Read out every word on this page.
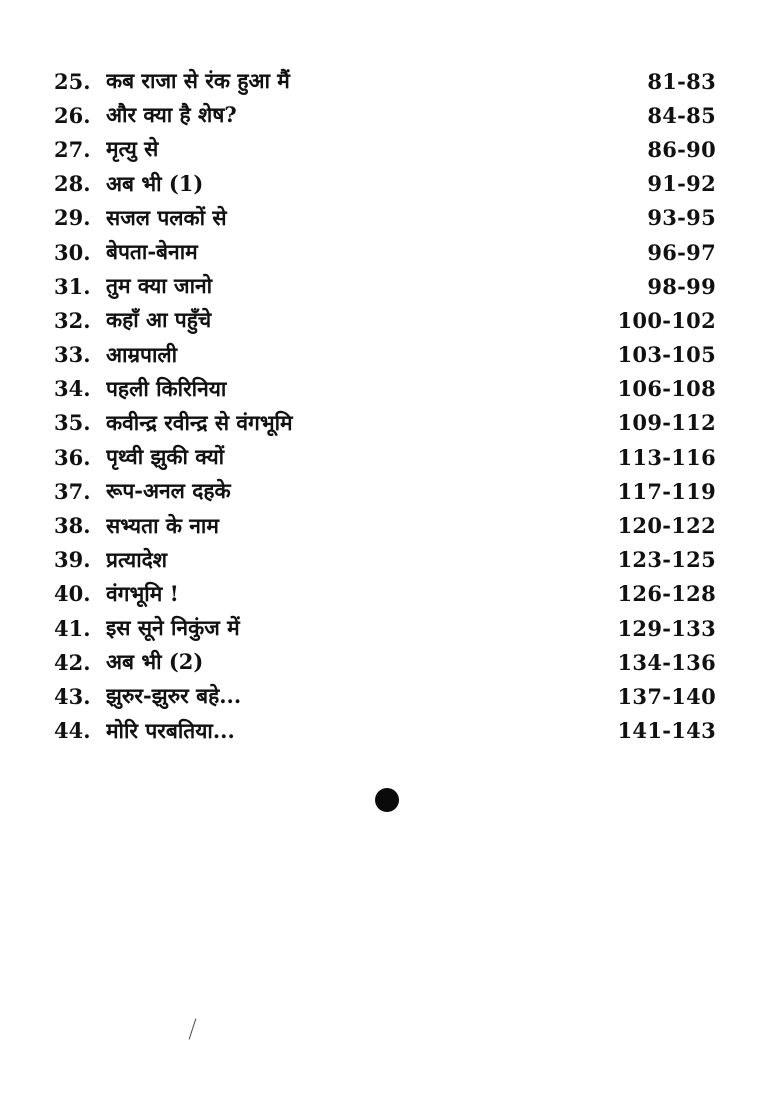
25. कब राजा से रंक हुआ मैं	81-83
26. और क्या है शेष?	84-85
27. मृत्यु से	86-90
28. अब भी (1)	91-92
29. सजल पलकों से	93-95
30. बेपता-बेनाम	96-97
31. तुम क्या जानो	98-99
32. कहाँ आ पहुँचे	100-102
33. आम्रपाली	103-105
34. पहली किरिनिया	106-108
35. कवीन्द्र रवीन्द्र से वंगभूमि	109-112
36. पृथ्वी झुकी क्यों	113-116
37. रूप-अनल दहके	117-119
38. सभ्यता के नाम	120-122
39. प्रत्यादेश	123-125
40. वंगभूमि !	126-128
41. इस सूने निकुंज में	129-133
42. अब भी (2)	134-136
43. झुरुर-झुरुर बहे...	137-140
44. मोरि परबतिया...	141-143
